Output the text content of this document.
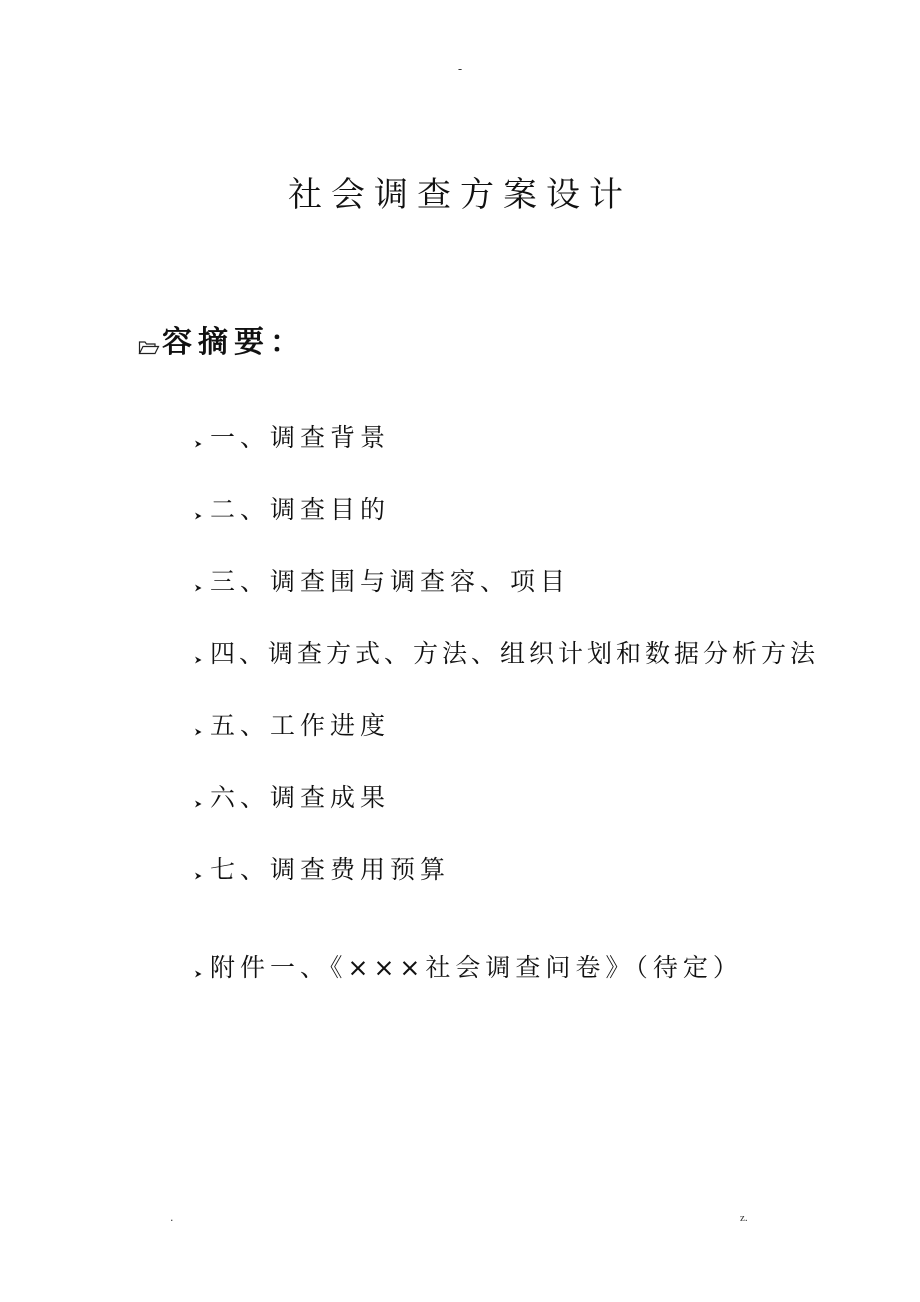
-
社会调查方案设计
容摘要：
一、调查背景
二、调查目的
三、调查围与调查容、项目
四、调查方式、方法、组织计划和数据分析方法
五、工作进度
六、调查成果
七、调查费用预算
附件一、《×××社会调查问卷》（待定）
.	z.
